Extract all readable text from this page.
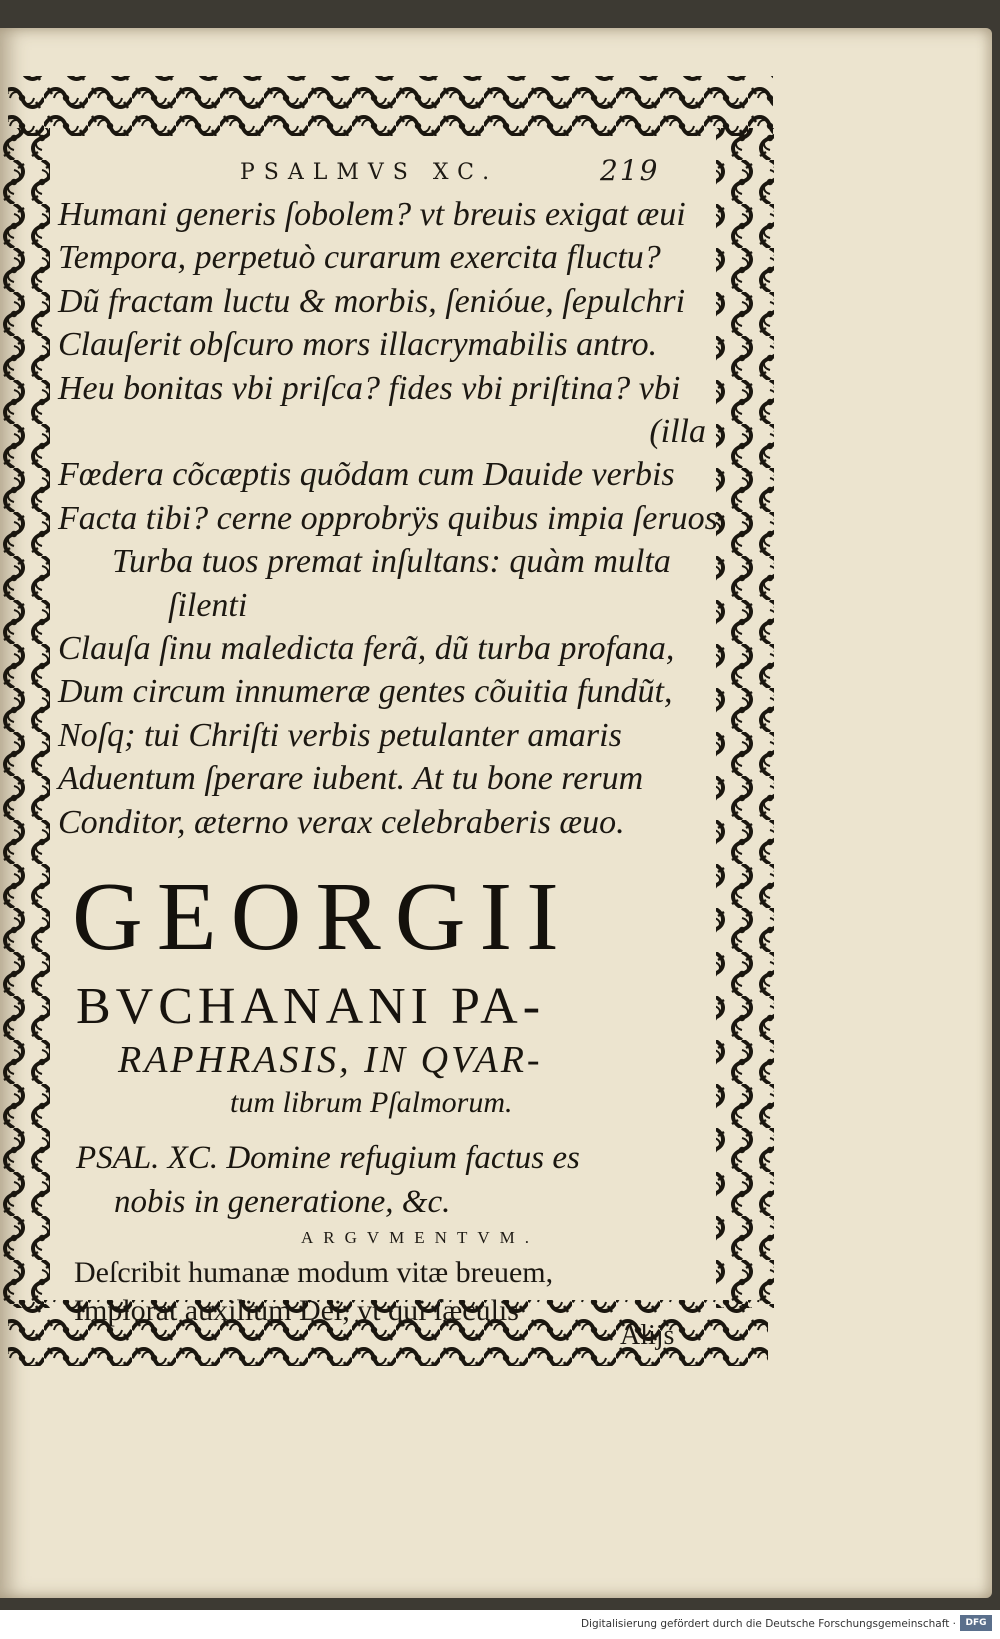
PSALMVS XC.	219
Humani generis ſobolem? vt breuis exigat æui
Tempora, perpetuò curarum exercita fluctu?
Dũ fractam luctu & morbis, ſenióue, ſepulchri
Clauſerit obſcuro mors illacrymabilis antro.
Heu bonitas vbi priſca? fides vbi priſtina? vbi
(illa
Fœdera cõcæptis quõdam cum Dauide verbis
Facta tibi? cerne opprobrÿs quibus impia ſeruos
Turba tuos premat inſultans: quàm multa
ſilenti
Clauſa ſinu maledicta ferã, dũ turba profana,
Dum circum innumeræ gentes cõuitia fundũt,
Noſq; tui Chriſti verbis petulanter amaris
Aduentum ſperare iubent. At tu bone rerum
Conditor, æterno verax celebraberis æuo.
GEORGII
BVCHANANI PA-
RAPHRASIS, IN QVAR-
tum librum Pſalmorum.
PSAL. XC. Domine refugium factus es
nobis in generatione, &c.
ARGVMENTVM.
Deſcribit humanæ modum vitæ breuem,
Implorat auxilium Dei, vt qui ſæculis
Alijs
Digitalisierung gefördert durch die Deutsche Forschungsgemeinschaft ·	DFG
